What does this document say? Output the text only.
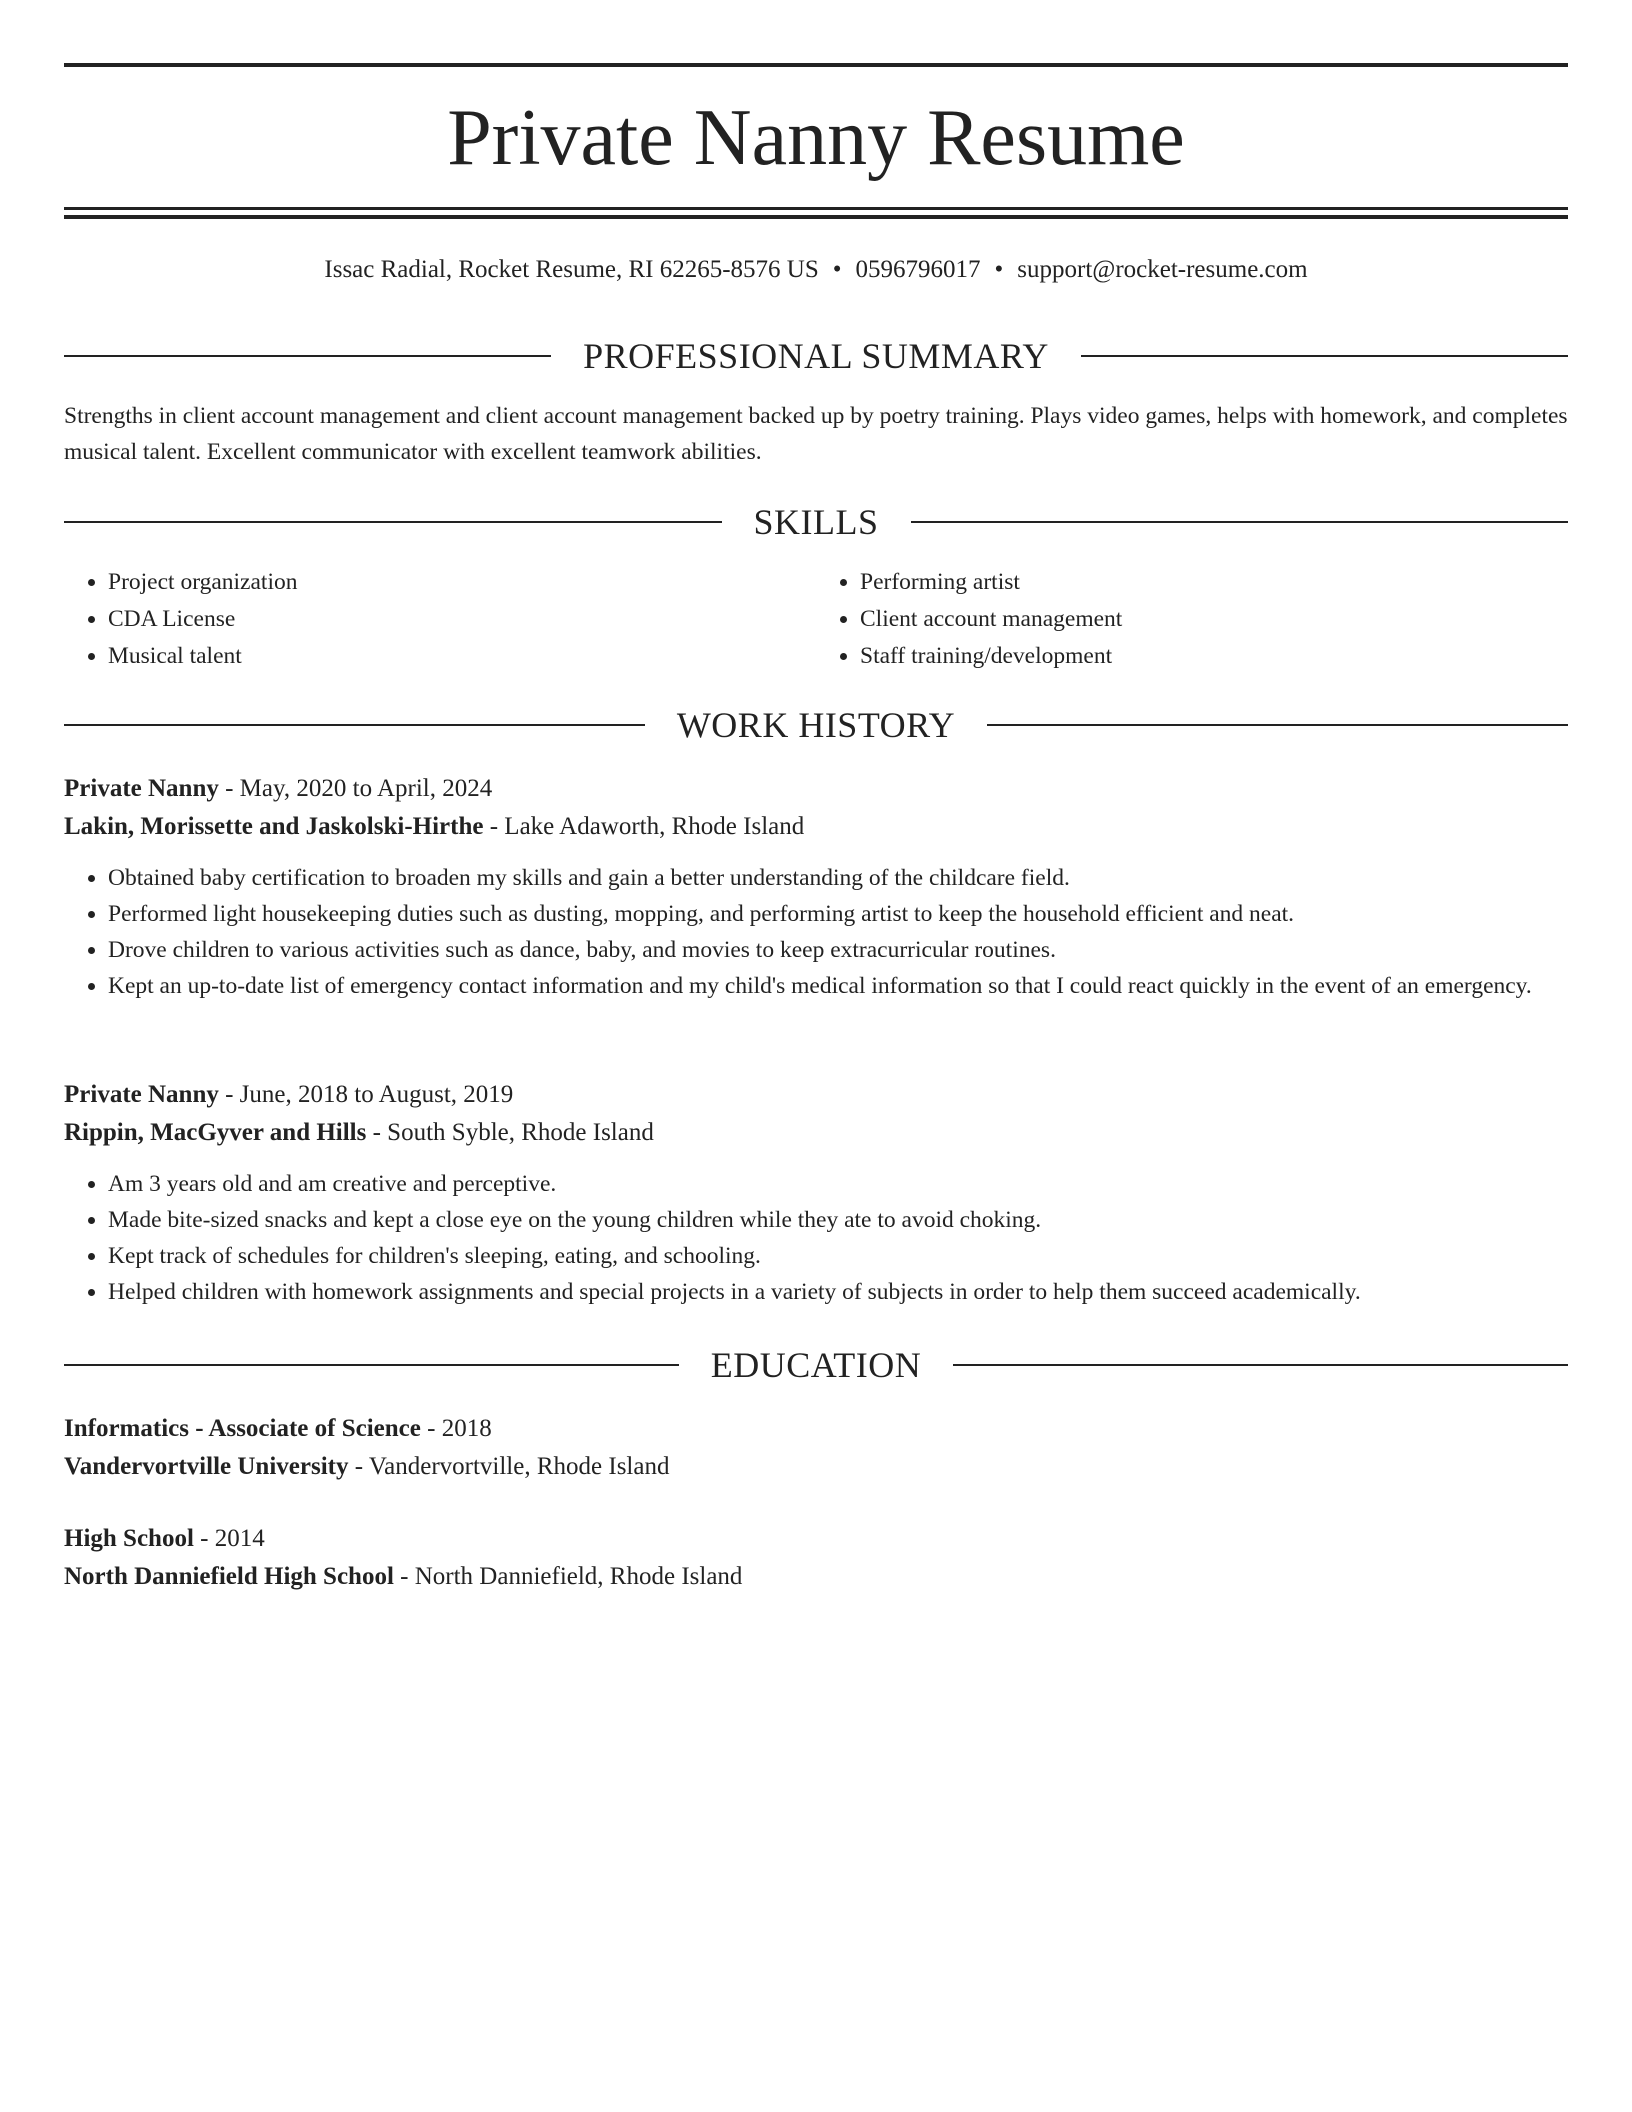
Private Nanny Resume
Issac Radial, Rocket Resume, RI 62265-8576 US • 0596796017 • support@rocket-resume.com
PROFESSIONAL SUMMARY

Strengths in client account management and client account management backed up by poetry training. Plays video games, helps with homework, and completes musical talent. Excellent communicator with excellent teamwork abilities.

SKILLS
• Project organization
• CDA License
• Musical talent
• Performing artist
• Client account management
• Staff training/development
WORK HISTORY
Private Nanny - May, 2020 to April, 2024
Lakin, Morissette and Jaskolski-Hirthe - Lake Adaworth, Rhode Island
• Obtained baby certification to broaden my skills and gain a better understanding of the childcare field.
• Performed light housekeeping duties such as dusting, mopping, and performing artist to keep the household efficient and neat.
• Drove children to various activities such as dance, baby, and movies to keep extracurricular routines.
• Kept an up-to-date list of emergency contact information and my child's medical information so that I could react quickly in the event of an emergency.
Private Nanny - June, 2018 to August, 2019
Rippin, MacGyver and Hills - South Syble, Rhode Island
• Am 3 years old and am creative and perceptive.
• Made bite-sized snacks and kept a close eye on the young children while they ate to avoid choking.
• Kept track of schedules for children's sleeping, eating, and schooling.
• Helped children with homework assignments and special projects in a variety of subjects in order to help them succeed academically.
EDUCATION
Informatics - Associate of Science - 2018
Vandervortville University - Vandervortville, Rhode Island
High School - 2014
North Danniefield High School - North Danniefield, Rhode Island
